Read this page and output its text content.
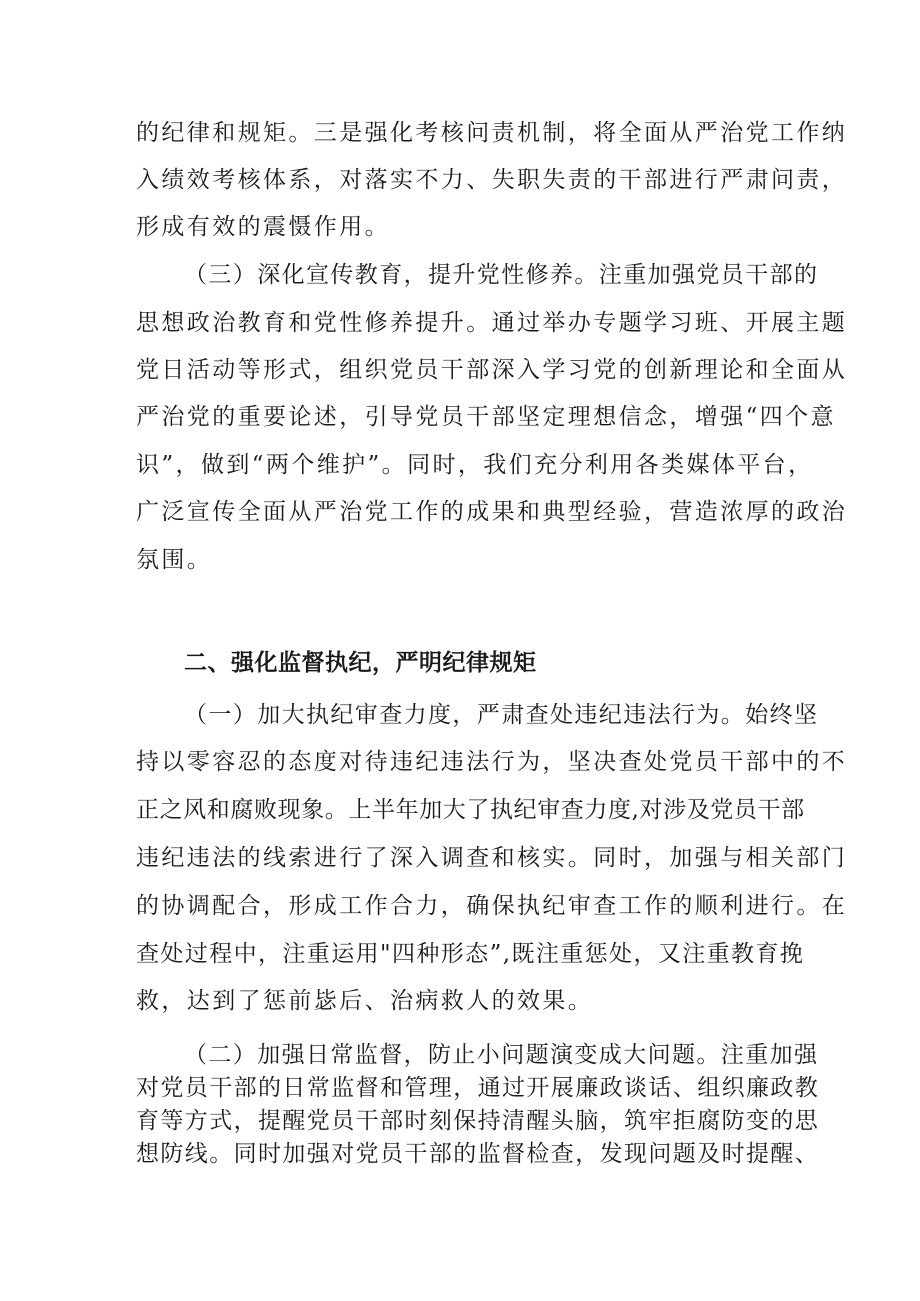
的纪律和规矩。三是强化考核问责机制，将全面从严治党工作纳
入绩效考核体系，对落实不力、失职失责的干部进行严肃问责，
形成有效的震慑作用。
（三）深化宣传教育，提升党性修养。注重加强党员干部的
思想政治教育和党性修养提升。通过举办专题学习班、开展主题
党日活动等形式，组织党员干部深入学习党的创新理论和全面从
严治党的重要论述，引导党员干部坚定理想信念，增强“四个意
识”，做到“两个维护”。同时，我们充分利用各类媒体平台，
广泛宣传全面从严治党工作的成果和典型经验，营造浓厚的政治
氛围。
二、强化监督执纪，严明纪律规矩
（一）加大执纪审查力度，严肃查处违纪违法行为。始终坚
持以零容忍的态度对待违纪违法行为，坚决查处党员干部中的不
正之风和腐败现象。上半年加大了执纪审查力度,对涉及党员干部
违纪违法的线索进行了深入调查和核实。同时，加强与相关部门
的协调配合，形成工作合力，确保执纪审查工作的顺利进行。在
查处过程中，注重运用"四种形态”,既注重惩处，又注重教育挽
救，达到了惩前毖后、治病救人的效果。
（二）加强日常监督，防止小问题演变成大问题。注重加强
对党员干部的日常监督和管理，通过开展廉政谈话、组织廉政教
育等方式，提醒党员干部时刻保持清醒头脑，筑牢拒腐防变的思
想防线。同时加强对党员干部的监督检查，发现问题及时提醒、
